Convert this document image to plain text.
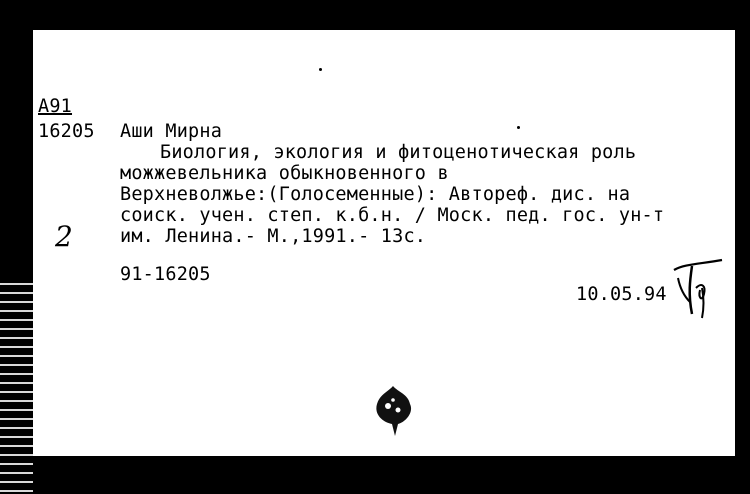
А91
16205 Аши Мирна
Биология, экология и фитоценотическая роль
можжевельника обыкновенного в
Верхневолжье:(Голосеменные): Автореф. дис. на
соиск. учен. степ. к.б.н. / Моск. пед. гос. ун-т
им. Ленина.- М.,1991.- 13с.
2
91-16205
10.05.94
